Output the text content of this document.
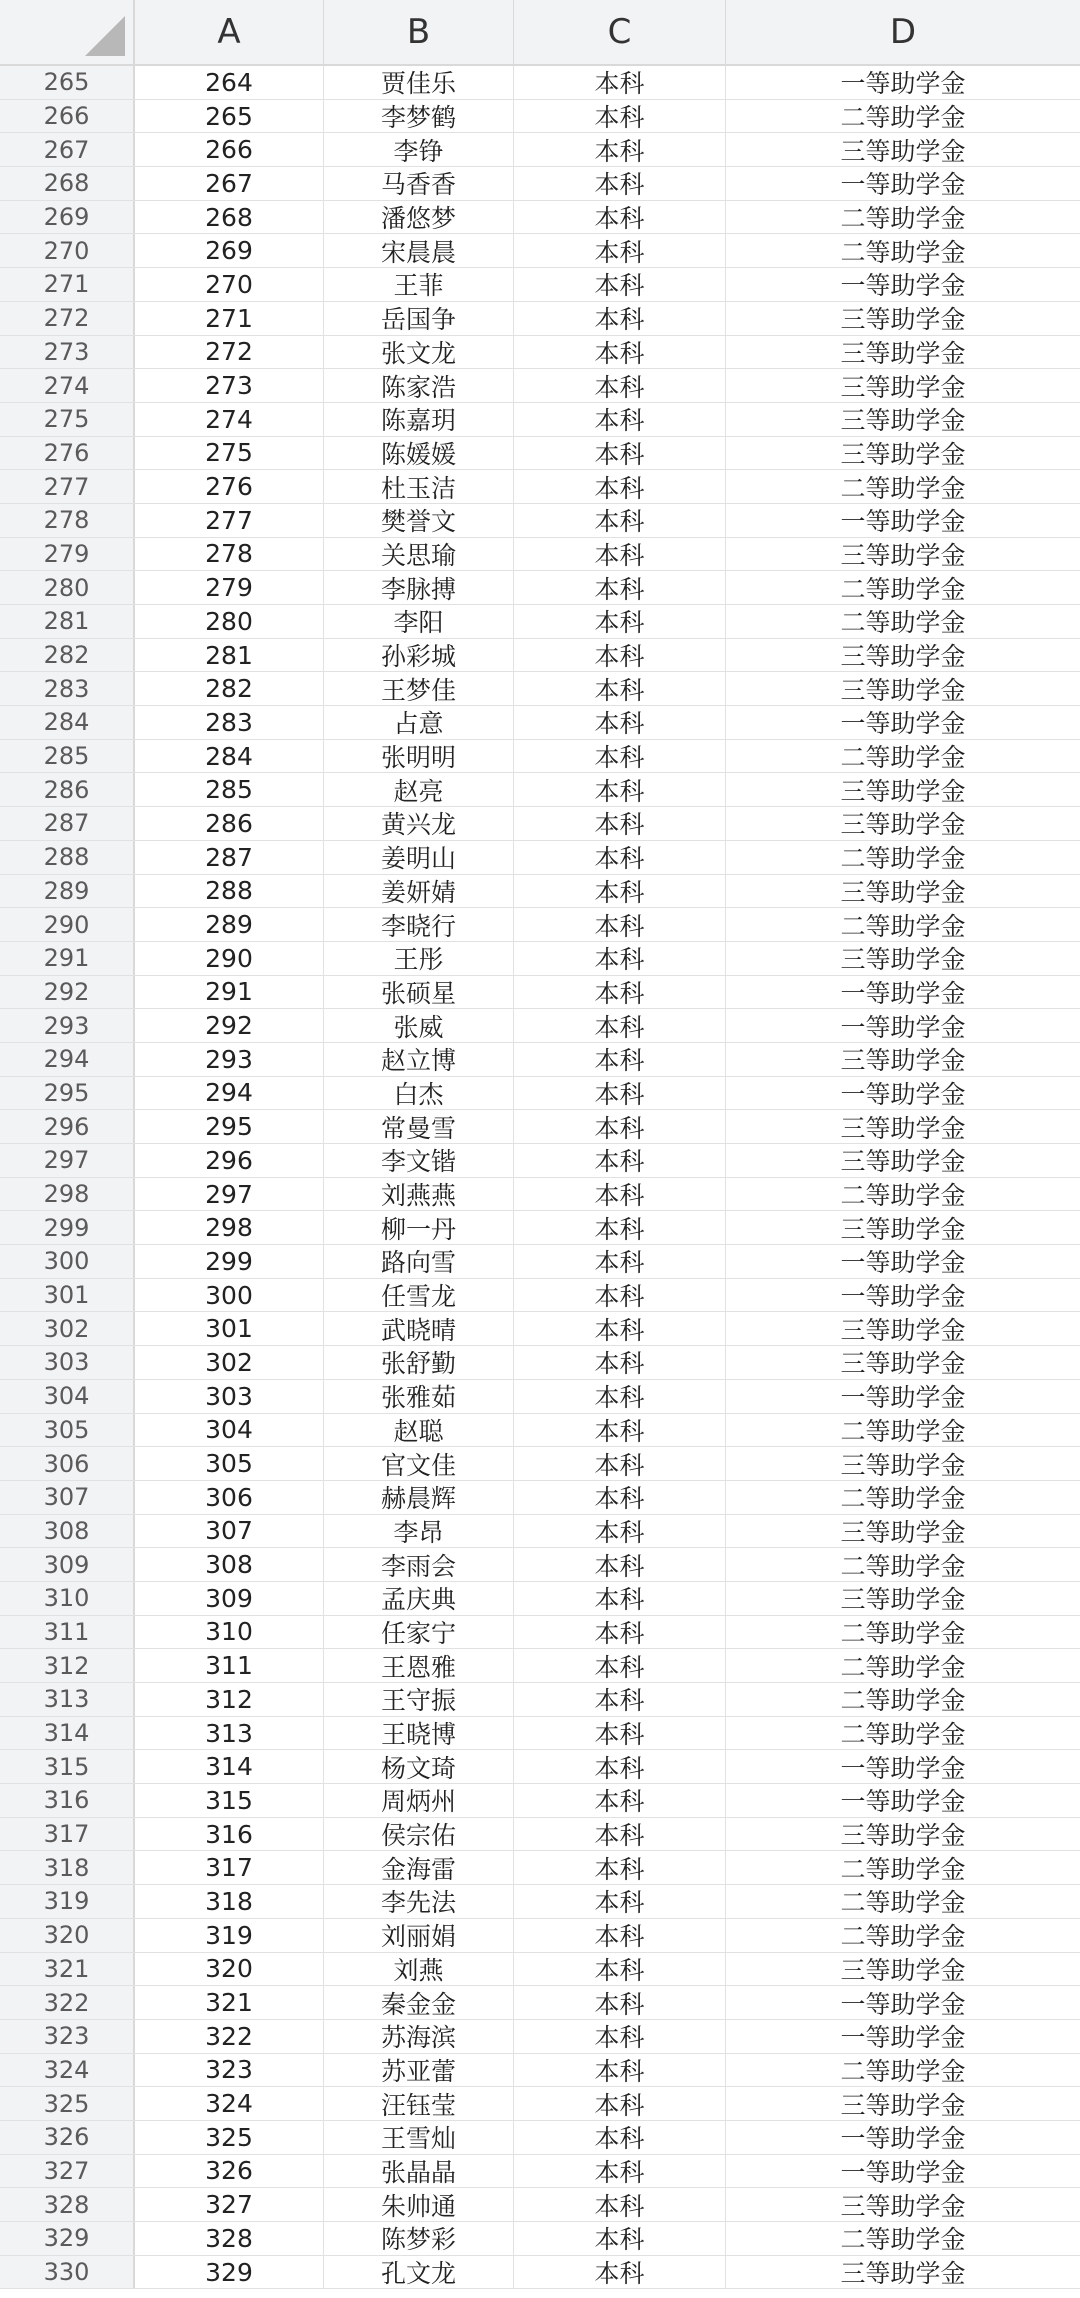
A	B	C	D
265	264	贾佳乐	本科	一等助学金
266	265	李梦鹤	本科	二等助学金
267	266	李铮	本科	三等助学金
268	267	马香香	本科	一等助学金
269	268	潘悠梦	本科	二等助学金
270	269	宋晨晨	本科	二等助学金
271	270	王菲	本科	一等助学金
272	271	岳国争	本科	三等助学金
273	272	张文龙	本科	三等助学金
274	273	陈家浩	本科	三等助学金
275	274	陈嘉玥	本科	三等助学金
276	275	陈媛媛	本科	三等助学金
277	276	杜玉洁	本科	二等助学金
278	277	樊誉文	本科	一等助学金
279	278	关思瑜	本科	三等助学金
280	279	李脉搏	本科	二等助学金
281	280	李阳	本科	二等助学金
282	281	孙彩城	本科	三等助学金
283	282	王梦佳	本科	三等助学金
284	283	占意	本科	一等助学金
285	284	张明明	本科	二等助学金
286	285	赵亮	本科	三等助学金
287	286	黄兴龙	本科	三等助学金
288	287	姜明山	本科	二等助学金
289	288	姜妍婧	本科	三等助学金
290	289	李晓行	本科	二等助学金
291	290	王彤	本科	三等助学金
292	291	张硕星	本科	一等助学金
293	292	张威	本科	一等助学金
294	293	赵立博	本科	三等助学金
295	294	白杰	本科	一等助学金
296	295	常曼雪	本科	三等助学金
297	296	李文锴	本科	三等助学金
298	297	刘燕燕	本科	二等助学金
299	298	柳一丹	本科	三等助学金
300	299	路向雪	本科	一等助学金
301	300	任雪龙	本科	一等助学金
302	301	武晓晴	本科	三等助学金
303	302	张舒勤	本科	三等助学金
304	303	张雅茹	本科	一等助学金
305	304	赵聪	本科	二等助学金
306	305	官文佳	本科	三等助学金
307	306	赫晨辉	本科	二等助学金
308	307	李昂	本科	三等助学金
309	308	李雨会	本科	二等助学金
310	309	孟庆典	本科	三等助学金
311	310	任家宁	本科	二等助学金
312	311	王恩雅	本科	二等助学金
313	312	王守振	本科	二等助学金
314	313	王晓博	本科	二等助学金
315	314	杨文琦	本科	一等助学金
316	315	周炳州	本科	一等助学金
317	316	侯宗佑	本科	三等助学金
318	317	金海雷	本科	二等助学金
319	318	李先法	本科	二等助学金
320	319	刘丽娟	本科	二等助学金
321	320	刘燕	本科	三等助学金
322	321	秦金金	本科	一等助学金
323	322	苏海滨	本科	一等助学金
324	323	苏亚蕾	本科	二等助学金
325	324	汪钰莹	本科	三等助学金
326	325	王雪灿	本科	一等助学金
327	326	张晶晶	本科	一等助学金
328	327	朱帅通	本科	三等助学金
329	328	陈梦彩	本科	二等助学金
330	329	孔文龙	本科	三等助学金
